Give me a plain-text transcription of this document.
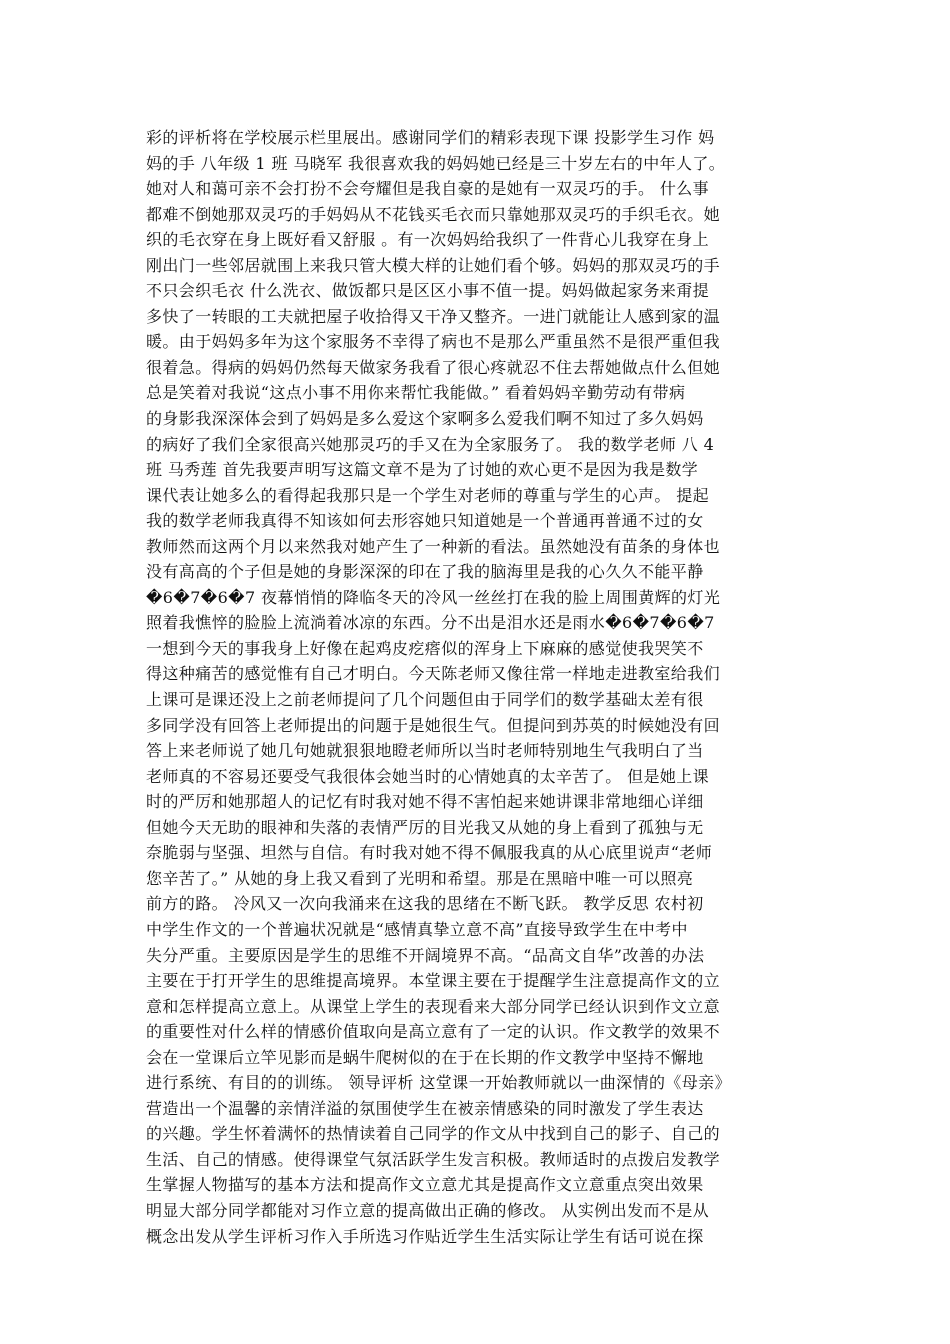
彩的评析将在学校展示栏里展出。感谢同学们的精彩表现下课 投影学生习作 妈
妈的手 八年级 1 班 马晓军 我很喜欢我的妈妈她已经是三十岁左右的中年人了。
她对人和蔼可亲不会打扮不会夸耀但是我自豪的是她有一双灵巧的手。 什么事
都难不倒她那双灵巧的手妈妈从不花钱买毛衣而只靠她那双灵巧的手织毛衣。她
织的毛衣穿在身上既好看又舒服 。有一次妈妈给我织了一件背心儿我穿在身上
刚出门一些邻居就围上来我只管大模大样的让她们看个够。妈妈的那双灵巧的手
不只会织毛衣 什么洗衣、做饭都只是区区小事不值一提。妈妈做起家务来甭提
多快了一转眼的工夫就把屋子收拾得又干净又整齐。一进门就能让人感到家的温
暖。由于妈妈多年为这个家服务不幸得了病也不是那么严重虽然不是很严重但我
很着急。得病的妈妈仍然每天做家务我看了很心疼就忍不住去帮她做点什么但她
总是笑着对我说“这点小事不用你来帮忙我能做。” 看着妈妈辛勤劳动有带病
的身影我深深体会到了妈妈是多么爱这个家啊多么爱我们啊不知过了多久妈妈
的病好了我们全家很高兴她那灵巧的手又在为全家服务了。 我的数学老师 八 4
班 马秀莲 首先我要声明写这篇文章不是为了讨她的欢心更不是因为我是数学
课代表让她多么的看得起我那只是一个学生对老师的尊重与学生的心声。 提起
我的数学老师我真得不知该如何去形容她只知道她是一个普通再普通不过的女
教师然而这两个月以来然我对她产生了一种新的看法。虽然她没有苗条的身体也
没有高高的个子但是她的身影深深的印在了我的脑海里是我的心久久不能平静
�6�7�6�7 夜幕悄悄的降临冬天的冷风一丝丝打在我的脸上周围黄辉的灯光
照着我憔悴的脸脸上流淌着冰凉的东西。分不出是泪水还是雨水�6�7�6�7
一想到今天的事我身上好像在起鸡皮疙瘩似的浑身上下麻麻的感觉使我哭笑不
得这种痛苦的感觉惟有自己才明白。今天陈老师又像往常一样地走进教室给我们
上课可是课还没上之前老师提问了几个问题但由于同学们的数学基础太差有很
多同学没有回答上老师提出的问题于是她很生气。但提问到苏英的时候她没有回
答上来老师说了她几句她就狠狠地瞪老师所以当时老师特别地生气我明白了当
老师真的不容易还要受气我很体会她当时的心情她真的太辛苦了。 但是她上课
时的严厉和她那超人的记忆有时我对她不得不害怕起来她讲课非常地细心详细
但她今天无助的眼神和失落的表情严厉的目光我又从她的身上看到了孤独与无
奈脆弱与坚强、坦然与自信。有时我对她不得不佩服我真的从心底里说声“老师
您辛苦了。” 从她的身上我又看到了光明和希望。那是在黑暗中唯一可以照亮
前方的路。 冷风又一次向我涌来在这我的思绪在不断飞跃。 教学反思 农村初
中学生作文的一个普遍状况就是“感情真挚立意不高”直接导致学生在中考中
失分严重。主要原因是学生的思维不开阔境界不高。“品高文自华”改善的办法
主要在于打开学生的思维提高境界。本堂课主要在于提醒学生注意提高作文的立
意和怎样提高立意上。从课堂上学生的表现看来大部分同学已经认识到作文立意
的重要性对什么样的情感价值取向是高立意有了一定的认识。作文教学的效果不
会在一堂课后立竿见影而是蜗牛爬树似的在于在长期的作文教学中坚持不懈地
进行系统、有目的的训练。 领导评析 这堂课一开始教师就以一曲深情的《母亲》
营造出一个温馨的亲情洋溢的氛围使学生在被亲情感染的同时激发了学生表达
的兴趣。学生怀着满怀的热情读着自己同学的作文从中找到自己的影子、自己的
生活、自己的情感。使得课堂气氛活跃学生发言积极。教师适时的点拨启发教学
生掌握人物描写的基本方法和提高作文立意尤其是提高作文立意重点突出效果
明显大部分同学都能对习作立意的提高做出正确的修改。 从实例出发而不是从
概念出发从学生评析习作入手所选习作贴近学生生活实际让学生有话可说在探
